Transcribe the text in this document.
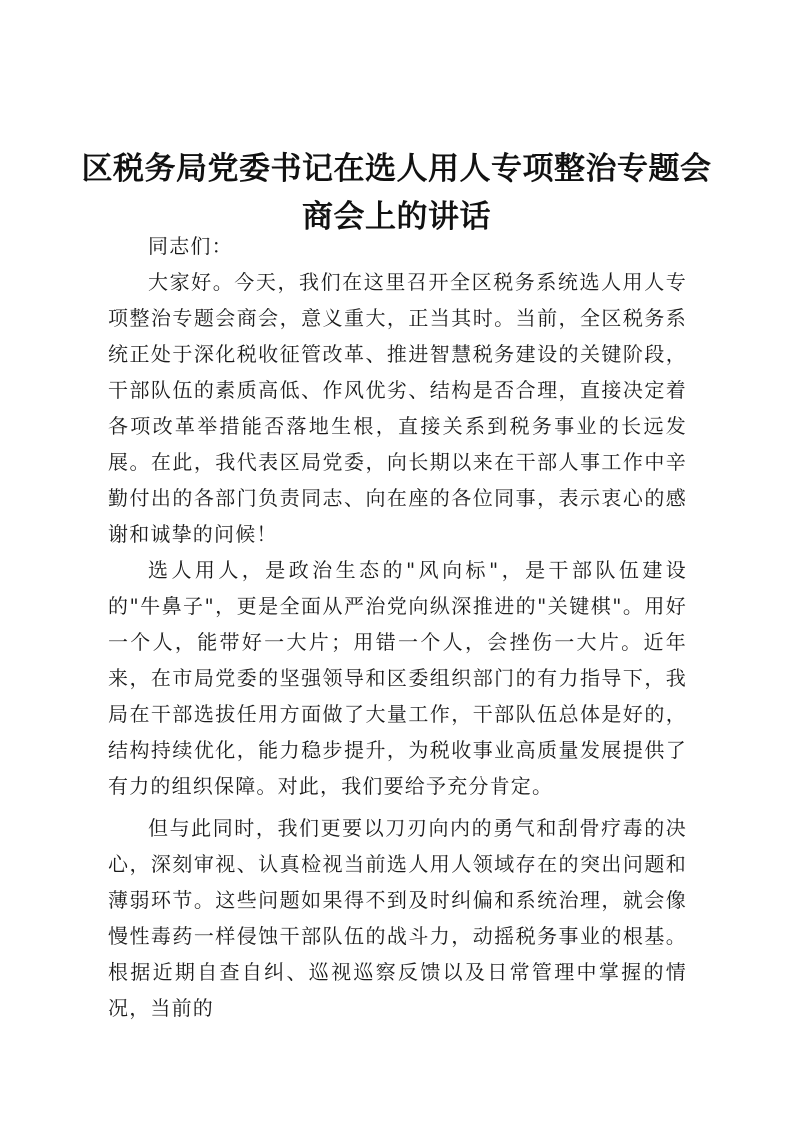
区税务局党委书记在选人用人专项整治专题会
商会上的讲话

同志们：

大家好。今天，我们在这里召开全区税务系统选人用人专项整治专题会商会，意义重大，正当其时。当前，全区税务系统正处于深化税收征管改革、推进智慧税务建设的关键阶段，干部队伍的素质高低、作风优劣、结构是否合理，直接决定着各项改革举措能否落地生根，直接关系到税务事业的长远发展。在此，我代表区局党委，向长期以来在干部人事工作中辛勤付出的各部门负责同志、向在座的各位同事，表示衷心的感谢和诚挚的问候！

选人用人，是政治生态的"风向标"，是干部队伍建设的"牛鼻子"，更是全面从严治党向纵深推进的"关键棋"。用好一个人，能带好一大片；用错一个人，会挫伤一大片。近年来，在市局党委的坚强领导和区委组织部门的有力指导下，我局在干部选拔任用方面做了大量工作，干部队伍总体是好的，结构持续优化，能力稳步提升，为税收事业高质量发展提供了有力的组织保障。对此，我们要给予充分肯定。

但与此同时，我们更要以刀刃向内的勇气和刮骨疗毒的决心，深刻审视、认真检视当前选人用人领域存在的突出问题和薄弱环节。这些问题如果得不到及时纠偏和系统治理，就会像慢性毒药一样侵蚀干部队伍的战斗力，动摇税务事业的根基。根据近期自查自纠、巡视巡察反馈以及日常管理中掌握的情况，当前的
